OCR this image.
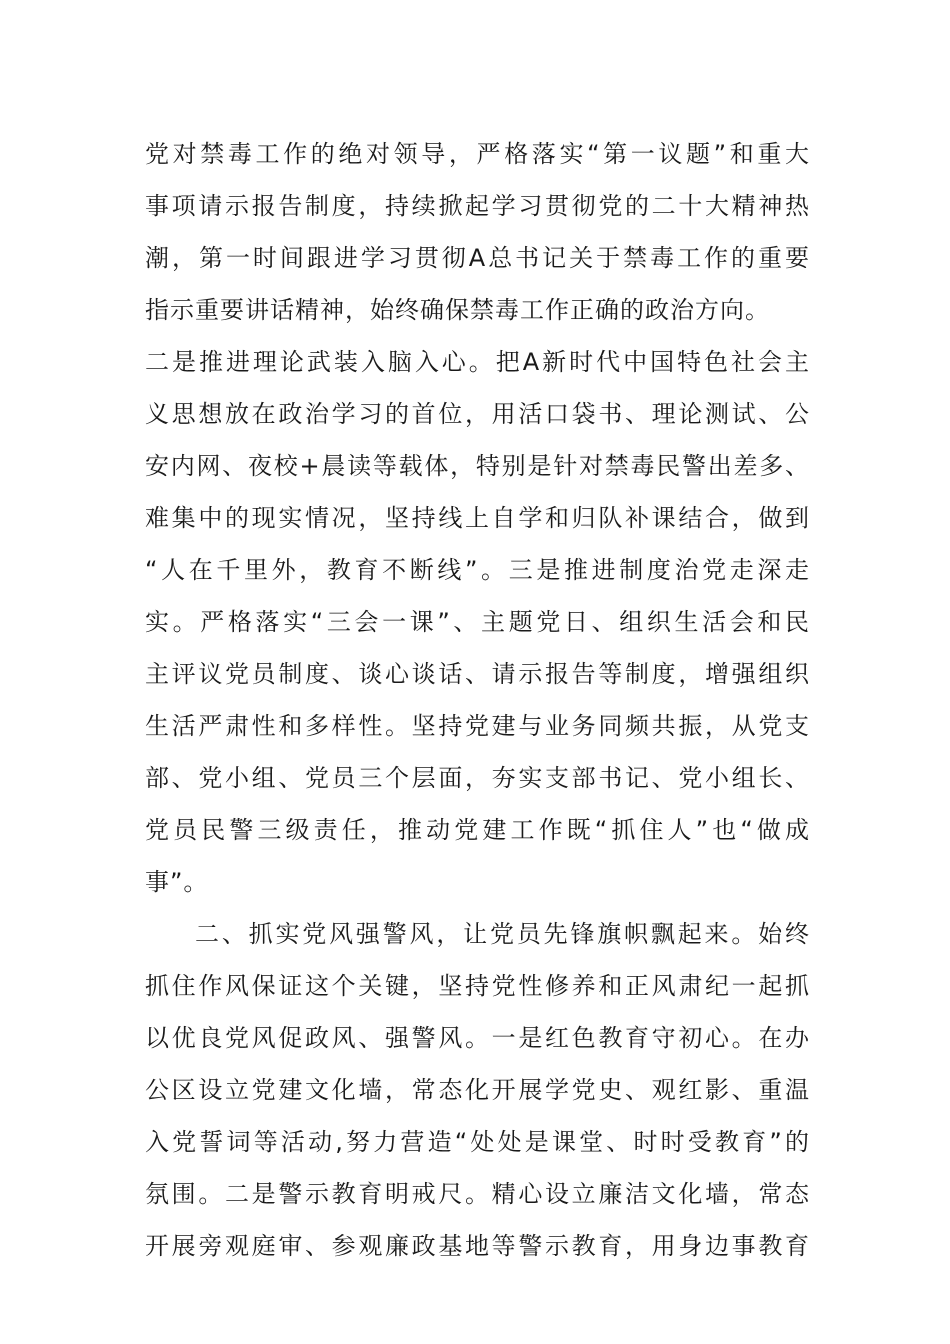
党对禁毒工作的绝对领导，严格落实“第一议题”和重大
事项请示报告制度，持续掀起学习贯彻党的二十大精神热
潮，第一时间跟进学习贯彻A总书记关于禁毒工作的重要
指示重要讲话精神，始终确保禁毒工作正确的政治方向。
二是推进理论武装入脑入心。把A新时代中国特色社会主
义思想放在政治学习的首位，用活口袋书、理论测试、公
安内网、夜校+晨读等载体，特别是针对禁毒民警出差多、
难集中的现实情况，坚持线上自学和归队补课结合，做到
“人在千里外，教育不断线”。三是推进制度治党走深走
实。严格落实“三会一课”、主题党日、组织生活会和民
主评议党员制度、谈心谈话、请示报告等制度，增强组织
生活严肃性和多样性。坚持党建与业务同频共振，从党支
部、党小组、党员三个层面，夯实支部书记、党小组长、
党员民警三级责任，推动党建工作既“抓住人”也“做成
事”。
二、抓实党风强警风，让党员先锋旗帜飘起来。始终
抓住作风保证这个关键，坚持党性修养和正风肃纪一起抓
以优良党风促政风、强警风。一是红色教育守初心。在办
公区设立党建文化墙，常态化开展学党史、观红影、重温
入党誓词等活动,努力营造“处处是课堂、时时受教育”的
氛围。二是警示教育明戒尺。精心设立廉洁文化墙，常态
开展旁观庭审、参观廉政基地等警示教育，用身边事教育
